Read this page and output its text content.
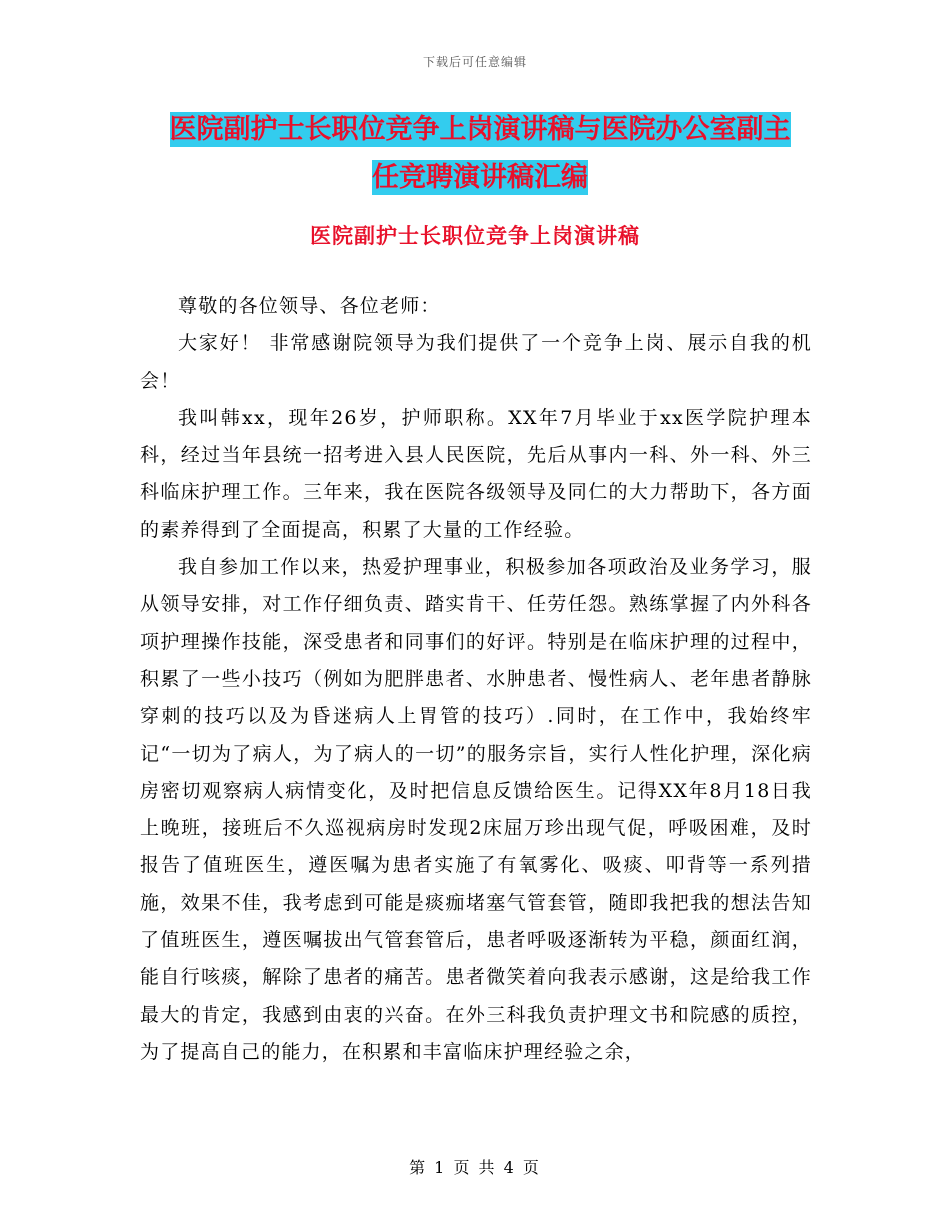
下载后可任意编辑
医院副护士长职位竞争上岗演讲稿与医院办公室副主
任竞聘演讲稿汇编
医院副护士长职位竞争上岗演讲稿

尊敬的各位领导、各位老师：

大家好！ 非常感谢院领导为我们提供了一个竞争上岗、展示自我的机会！

我叫韩xx，现年26岁，护师职称。XX年7月毕业于xx医学院护理本科，经过当年县统一招考进入县人民医院，先后从事内一科、外一科、外三科临床护理工作。三年来，我在医院各级领导及同仁的大力帮助下，各方面的素养得到了全面提高，积累了大量的工作经验。

我自参加工作以来，热爱护理事业，积极参加各项政治及业务学习，服从领导安排，对工作仔细负责、踏实肯干、任劳任怨。熟练掌握了内外科各项护理操作技能，深受患者和同事们的好评。特别是在临床护理的过程中，积累了一些小技巧（例如为肥胖患者、水肿患者、慢性病人、老年患者静脉穿刺的技巧以及为昏迷病人上胃管的技巧）.同时，在工作中，我始终牢记“一切为了病人，为了病人的一切”的服务宗旨，实行人性化护理，深化病房密切观察病人病情变化，及时把信息反馈给医生。记得XX年8月18日我上晚班，接班后不久巡视病房时发现2床屈万珍出现气促，呼吸困难，及时报告了值班医生，遵医嘱为患者实施了有氧雾化、吸痰、叩背等一系列措施，效果不佳，我考虑到可能是痰痂堵塞气管套管，随即我把我的想法告知了值班医生，遵医嘱拔出气管套管后，患者呼吸逐渐转为平稳，颜面红润，能自行咳痰，解除了患者的痛苦。患者微笑着向我表示感谢，这是给我工作最大的肯定，我感到由衷的兴奋。在外三科我负责护理文书和院感的质控，为了提高自己的能力，在积累和丰富临床护理经验之余，

第 1 页 共 4 页
